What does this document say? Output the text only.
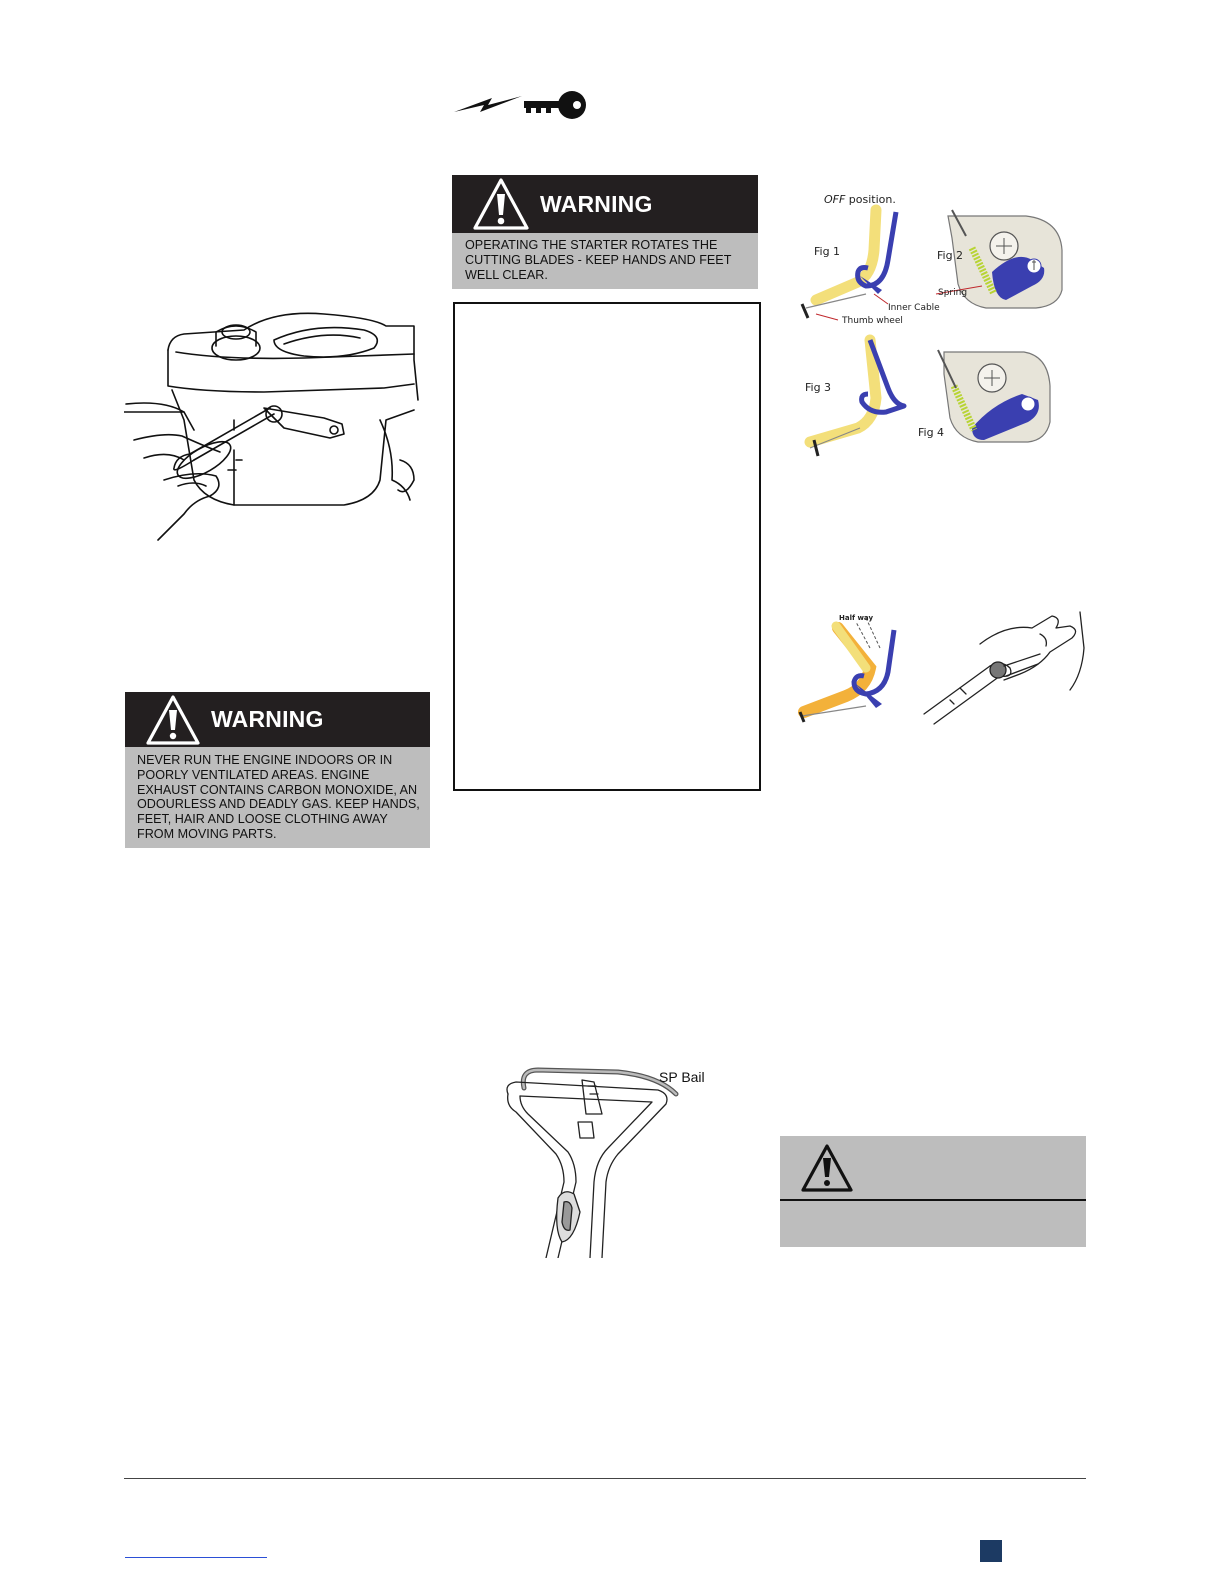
WARNING
NEVER RUN THE ENGINE INDOORS OR IN POORLY VENTILATED AREAS. ENGINE EXHAUST CONTAINS CARBON MONOXIDE, AN ODOURLESS AND DEADLY GAS. KEEP HANDS, FEET, HAIR AND LOOSE CLOTHING AWAY FROM MOVING PARTS.
WARNING
OPERATING THE STARTER ROTATES THE CUTTING BLADES - KEEP HANDS AND FEET WELL CLEAR.
SP Bail
OFF position.
Fig 1	Fig 2
Spring
Inner Cable
Thumb wheel
Fig 3
Fig 4
Half way
